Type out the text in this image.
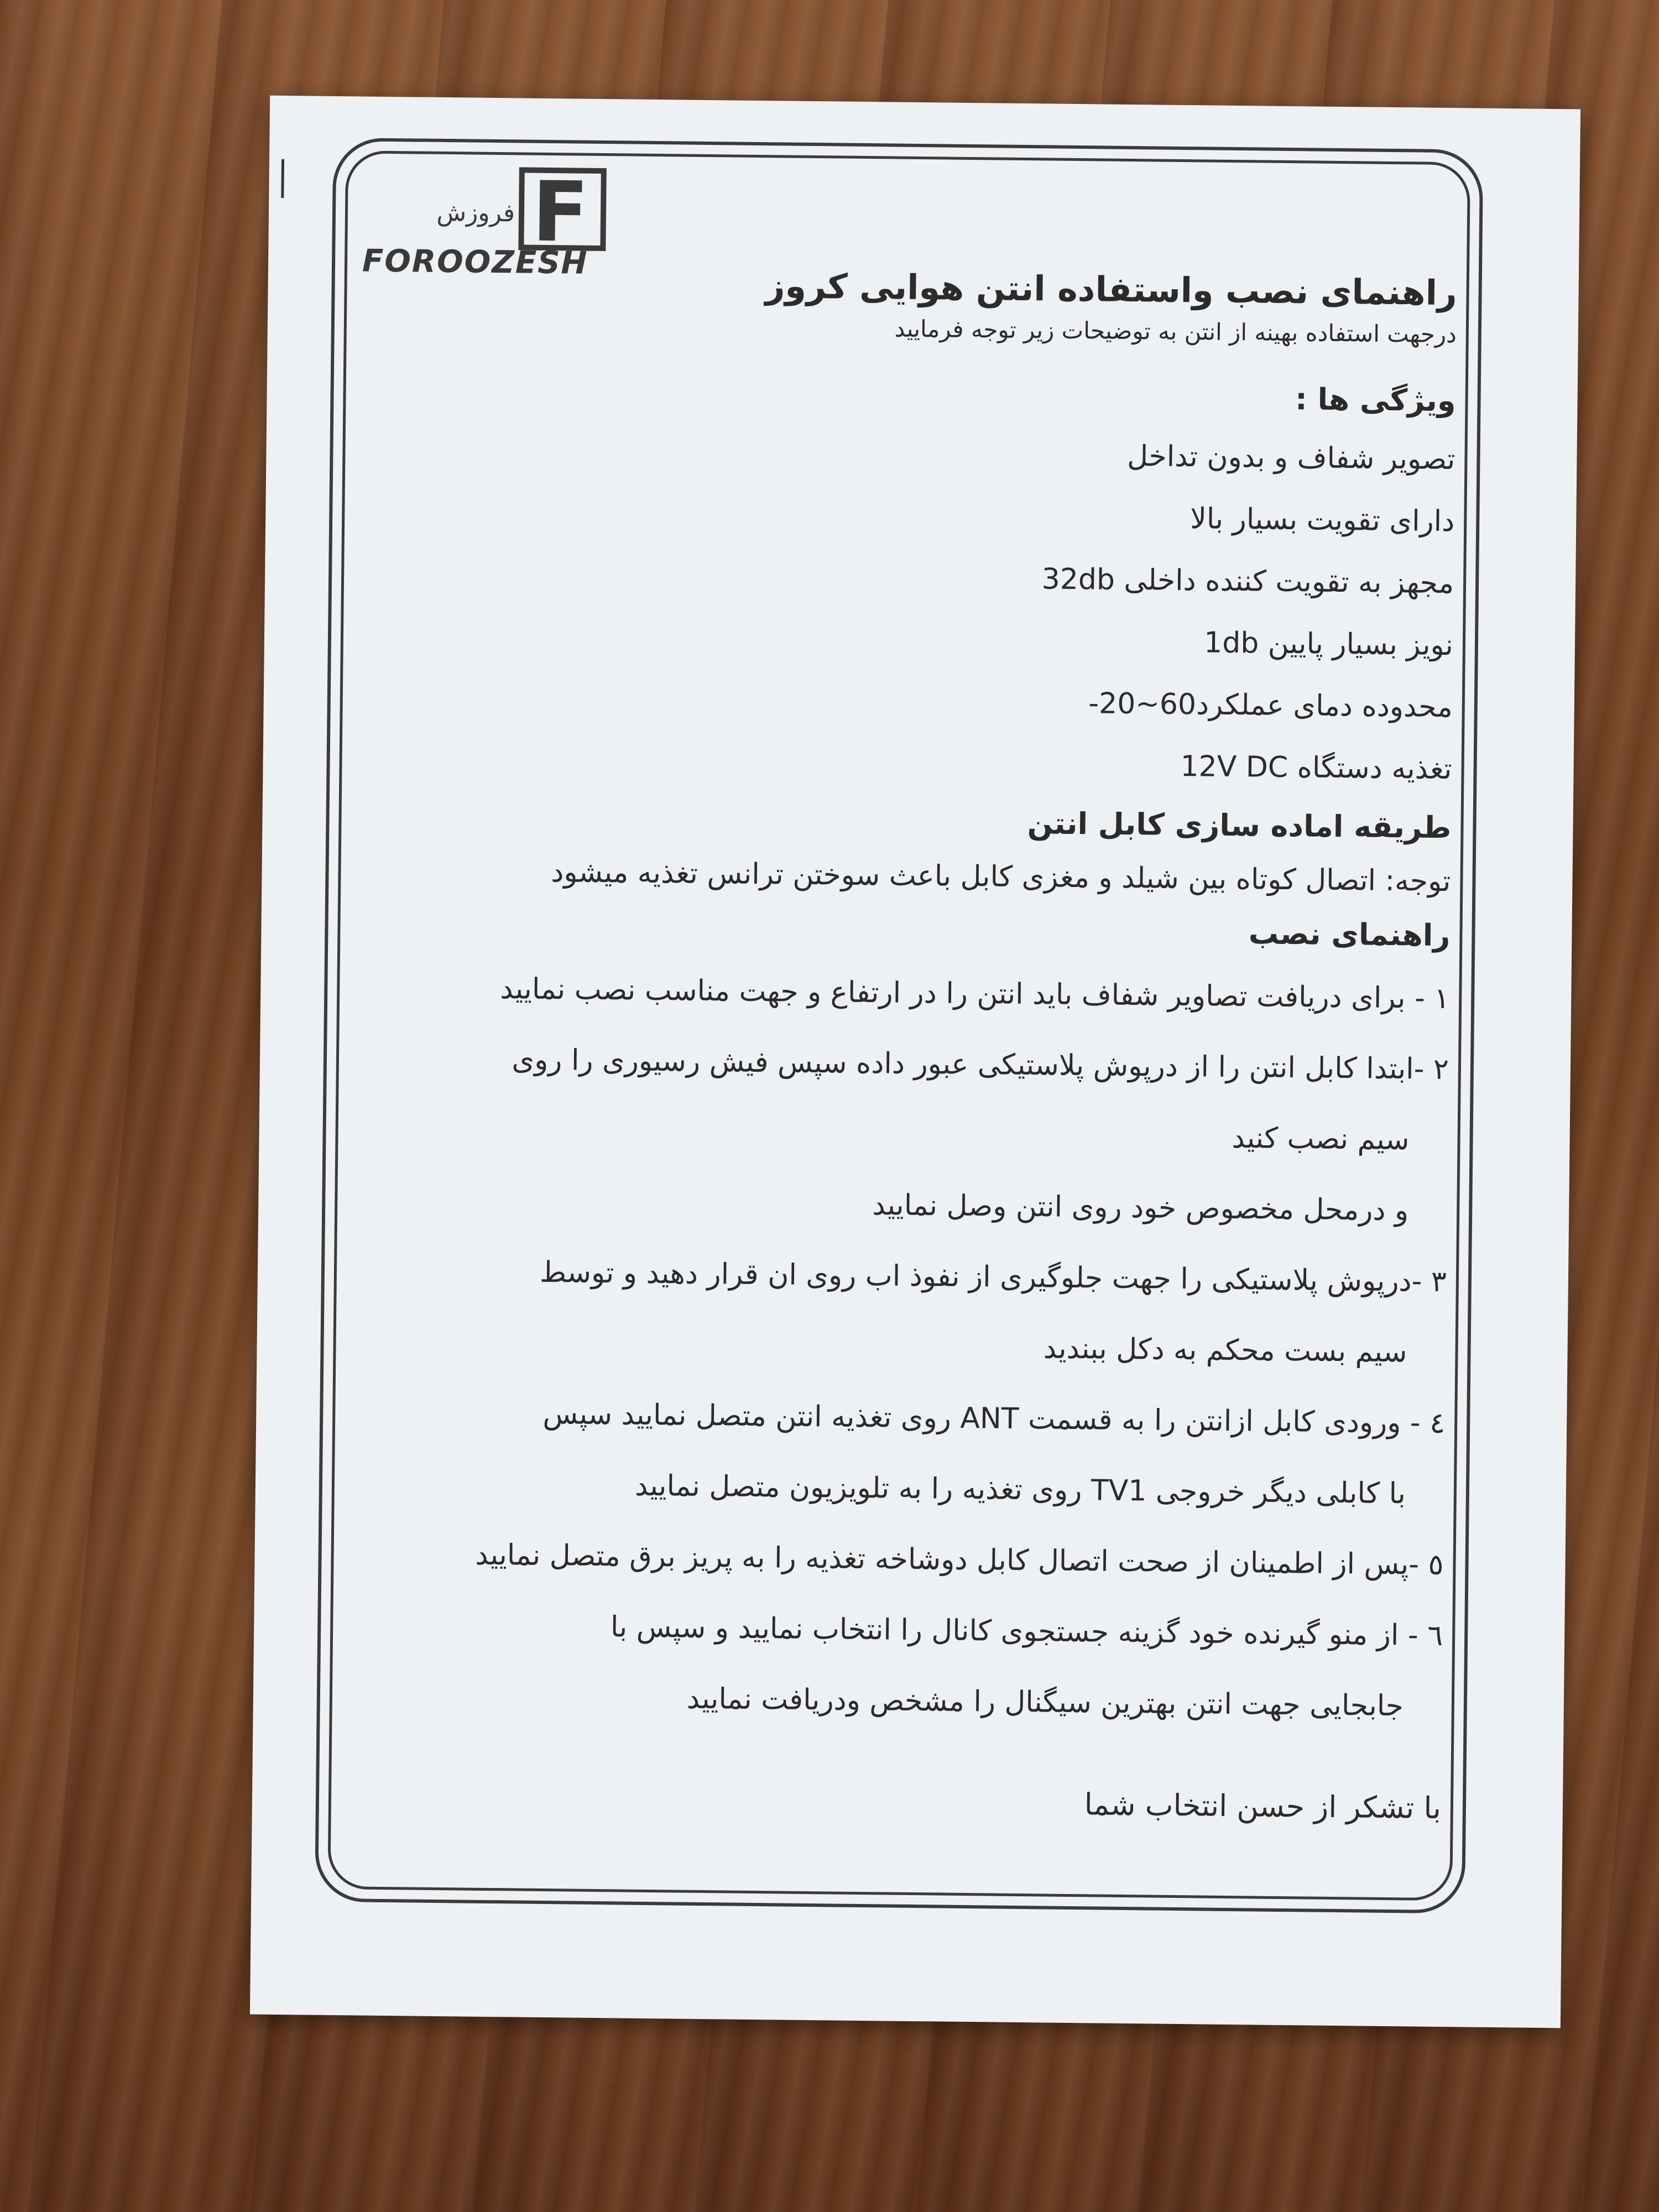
F
فروزش
FOROOZESH
راهنمای نصب واستفاده انتن هوایی کروز
درجهت استفاده بهینه از انتن به توضیحات زیر توجه فرمایید
ویژگی ها :
تصویر شفاف و بدون تداخل
دارای تقویت بسیار بالا
مجهز به تقویت کننده داخلی 32db
نویز بسیار پایین 1db
محدوده دمای عملکرد60~20-
تغذیه دستگاه 12V DC
طریقه اماده سازی کابل انتن
توجه: اتصال کوتاه بین شیلد و مغزی کابل باعث سوختن ترانس تغذیه میشود
راهنمای نصب
۱ - برای دریافت تصاویر شفاف باید انتن را در ارتفاع و جهت مناسب نصب نمایید
۲ -ابتدا کابل انتن را از درپوش پلاستیکی عبور داده سپس فیش رسیوری را روی
سیم نصب کنید
و درمحل مخصوص خود روی انتن وصل نمایید
۳ -درپوش پلاستیکی را جهت جلوگیری از نفوذ اب روی ان قرار دهید و توسط
سیم بست محکم به دکل ببندید
٤ - ورودی کابل ازانتن را به قسمت ANT روی تغذیه انتن متصل نمایید سپس
با کابلی دیگر خروجی TV1 روی تغذیه را به تلویزیون متصل نمایید
٥ -پس از اطمینان از صحت اتصال کابل دوشاخه تغذیه را به پریز برق متصل نمایید
٦ - از منو گیرنده خود گزینه جستجوی کانال را انتخاب نمایید و سپس با
جابجایی جهت انتن بهترین سیگنال را مشخص ودریافت نمایید
با تشکر از حسن انتخاب شما
